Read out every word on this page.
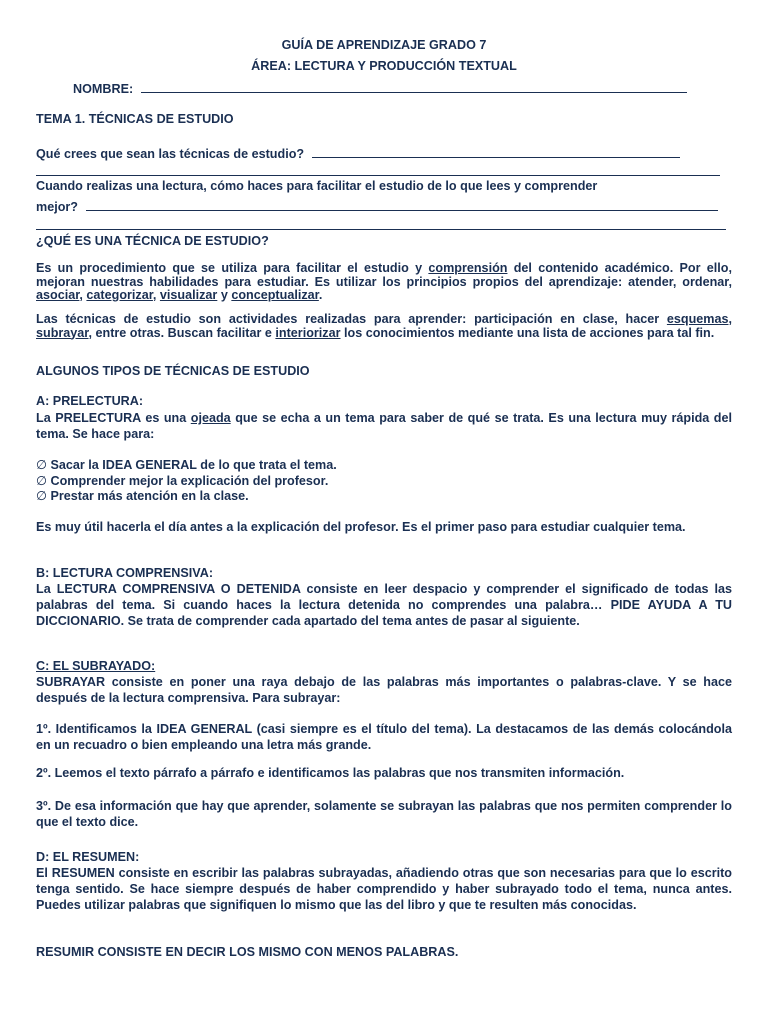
GUÍA DE APRENDIZAJE GRADO 7

ÁREA: LECTURA Y PRODUCCIÓN TEXTUAL

NOMBRE:

TEMA 1. TÉCNICAS DE ESTUDIO

Qué crees que sean las técnicas de estudio?

Cuando realizas una lectura, cómo haces para facilitar el estudio de lo que lees y comprender

mejor?

¿QUÉ ES UNA TÉCNICA DE ESTUDIO?

Es un procedimiento que se utiliza para facilitar el estudio y comprensión del contenido académico. Por ello, mejoran nuestras habilidades para estudiar. Es utilizar los principios propios del aprendizaje: atender, ordenar, asociar, categorizar, visualizar y conceptualizar.

Las técnicas de estudio son actividades realizadas para aprender: participación en clase, hacer esquemas, subrayar, entre otras. Buscan facilitar e interiorizar los conocimientos mediante una lista de acciones para tal fin.

ALGUNOS TIPOS DE TÉCNICAS DE ESTUDIO

A: PRELECTURA:

La PRELECTURA es una ojeada que se echa a un tema para saber de qué se trata. Es una lectura muy rápida del tema. Se hace para:

∅ Sacar la IDEA GENERAL de lo que trata el tema.

∅ Comprender mejor la explicación del profesor.

∅ Prestar más atención en la clase.

Es muy útil hacerla el día antes a la explicación del profesor. Es el primer paso para estudiar cualquier tema.

B: LECTURA COMPRENSIVA:

La LECTURA COMPRENSIVA O DETENIDA consiste en leer despacio y comprender el significado de todas las palabras del tema. Si cuando haces la lectura detenida no comprendes una palabra… PIDE AYUDA A TU DICCIONARIO. Se trata de comprender cada apartado del tema antes de pasar al siguiente.

C: EL SUBRAYADO:

SUBRAYAR consiste en poner una raya debajo de las palabras más importantes o palabras-clave. Y se hace después de la lectura comprensiva. Para subrayar:

1º. Identificamos la IDEA GENERAL (casi siempre es el título del tema). La destacamos de las demás colocándola en un recuadro o bien empleando una letra más grande.

2º. Leemos el texto párrafo a párrafo e identificamos las palabras que nos transmiten información.

3º. De esa información que hay que aprender, solamente se subrayan las palabras que nos permiten comprender lo que el texto dice.

D: EL RESUMEN:

El RESUMEN consiste en escribir las palabras subrayadas, añadiendo otras que son necesarias para que lo escrito tenga sentido. Se hace siempre después de haber comprendido y haber subrayado todo el tema, nunca antes. Puedes utilizar palabras que signifiquen lo mismo que las del libro y que te resulten más conocidas.

RESUMIR CONSISTE EN DECIR LOS MISMO CON MENOS PALABRAS.
